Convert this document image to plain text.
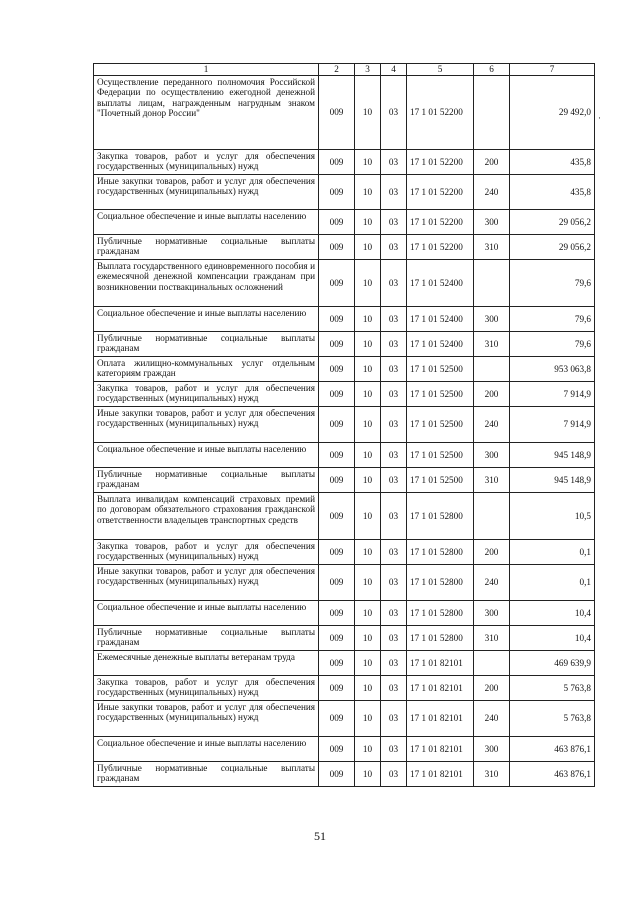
1	2	3	4	5	6	7
Осуществление переданного полномочия Российской Федерации по осуществлению ежегодной денежной выплаты лицам, награжденным нагрудным знаком "Почетный донор России"	009	10	03	17 1 01 52200		29 492,0
Закупка товаров, работ и услуг для обеспечения государственных (муниципальных) нужд	009	10	03	17 1 01 52200	200	435,8
Иные закупки товаров, работ и услуг для обеспечения государственных (муниципальных) нужд	009	10	03	17 1 01 52200	240	435,8
Социальное обеспечение и иные выплаты населению	009	10	03	17 1 01 52200	300	29 056,2
Публичные нормативные социальные выплаты гражданам	009	10	03	17 1 01 52200	310	29 056,2
Выплата государственного единовременного пособия и ежемесячной денежной компенсации гражданам при возникновении поствакцинальных осложнений	009	10	03	17 1 01 52400		79,6
Социальное обеспечение и иные выплаты населению	009	10	03	17 1 01 52400	300	79,6
Публичные нормативные социальные выплаты гражданам	009	10	03	17 1 01 52400	310	79,6
Оплата жилищно-коммунальных услуг отдельным категориям граждан	009	10	03	17 1 01 52500		953 063,8
Закупка товаров, работ и услуг для обеспечения государственных (муниципальных) нужд	009	10	03	17 1 01 52500	200	7 914,9
Иные закупки товаров, работ и услуг для обеспечения государственных (муниципальных) нужд	009	10	03	17 1 01 52500	240	7 914,9
Социальное обеспечение и иные выплаты населению	009	10	03	17 1 01 52500	300	945 148,9
Публичные нормативные социальные выплаты гражданам	009	10	03	17 1 01 52500	310	945 148,9
Выплата инвалидам компенсаций страховых премий по договорам обязательного страхования гражданской ответственности владельцев транспортных средств	009	10	03	17 1 01 52800		10,5
Закупка товаров, работ и услуг для обеспечения государственных (муниципальных) нужд	009	10	03	17 1 01 52800	200	0,1
Иные закупки товаров, работ и услуг для обеспечения государственных (муниципальных) нужд	009	10	03	17 1 01 52800	240	0,1
Социальное обеспечение и иные выплаты населению	009	10	03	17 1 01 52800	300	10,4
Публичные нормативные социальные выплаты гражданам	009	10	03	17 1 01 52800	310	10,4
Ежемесячные денежные выплаты ветеранам труда	009	10	03	17 1 01 82101		469 639,9
Закупка товаров, работ и услуг для обеспечения государственных (муниципальных) нужд	009	10	03	17 1 01 82101	200	5 763,8
Иные закупки товаров, работ и услуг для обеспечения государственных (муниципальных) нужд	009	10	03	17 1 01 82101	240	5 763,8
Социальное обеспечение и иные выплаты населению	009	10	03	17 1 01 82101	300	463 876,1
Публичные нормативные социальные выплаты гражданам	009	10	03	17 1 01 82101	310	463 876,1
51
·
